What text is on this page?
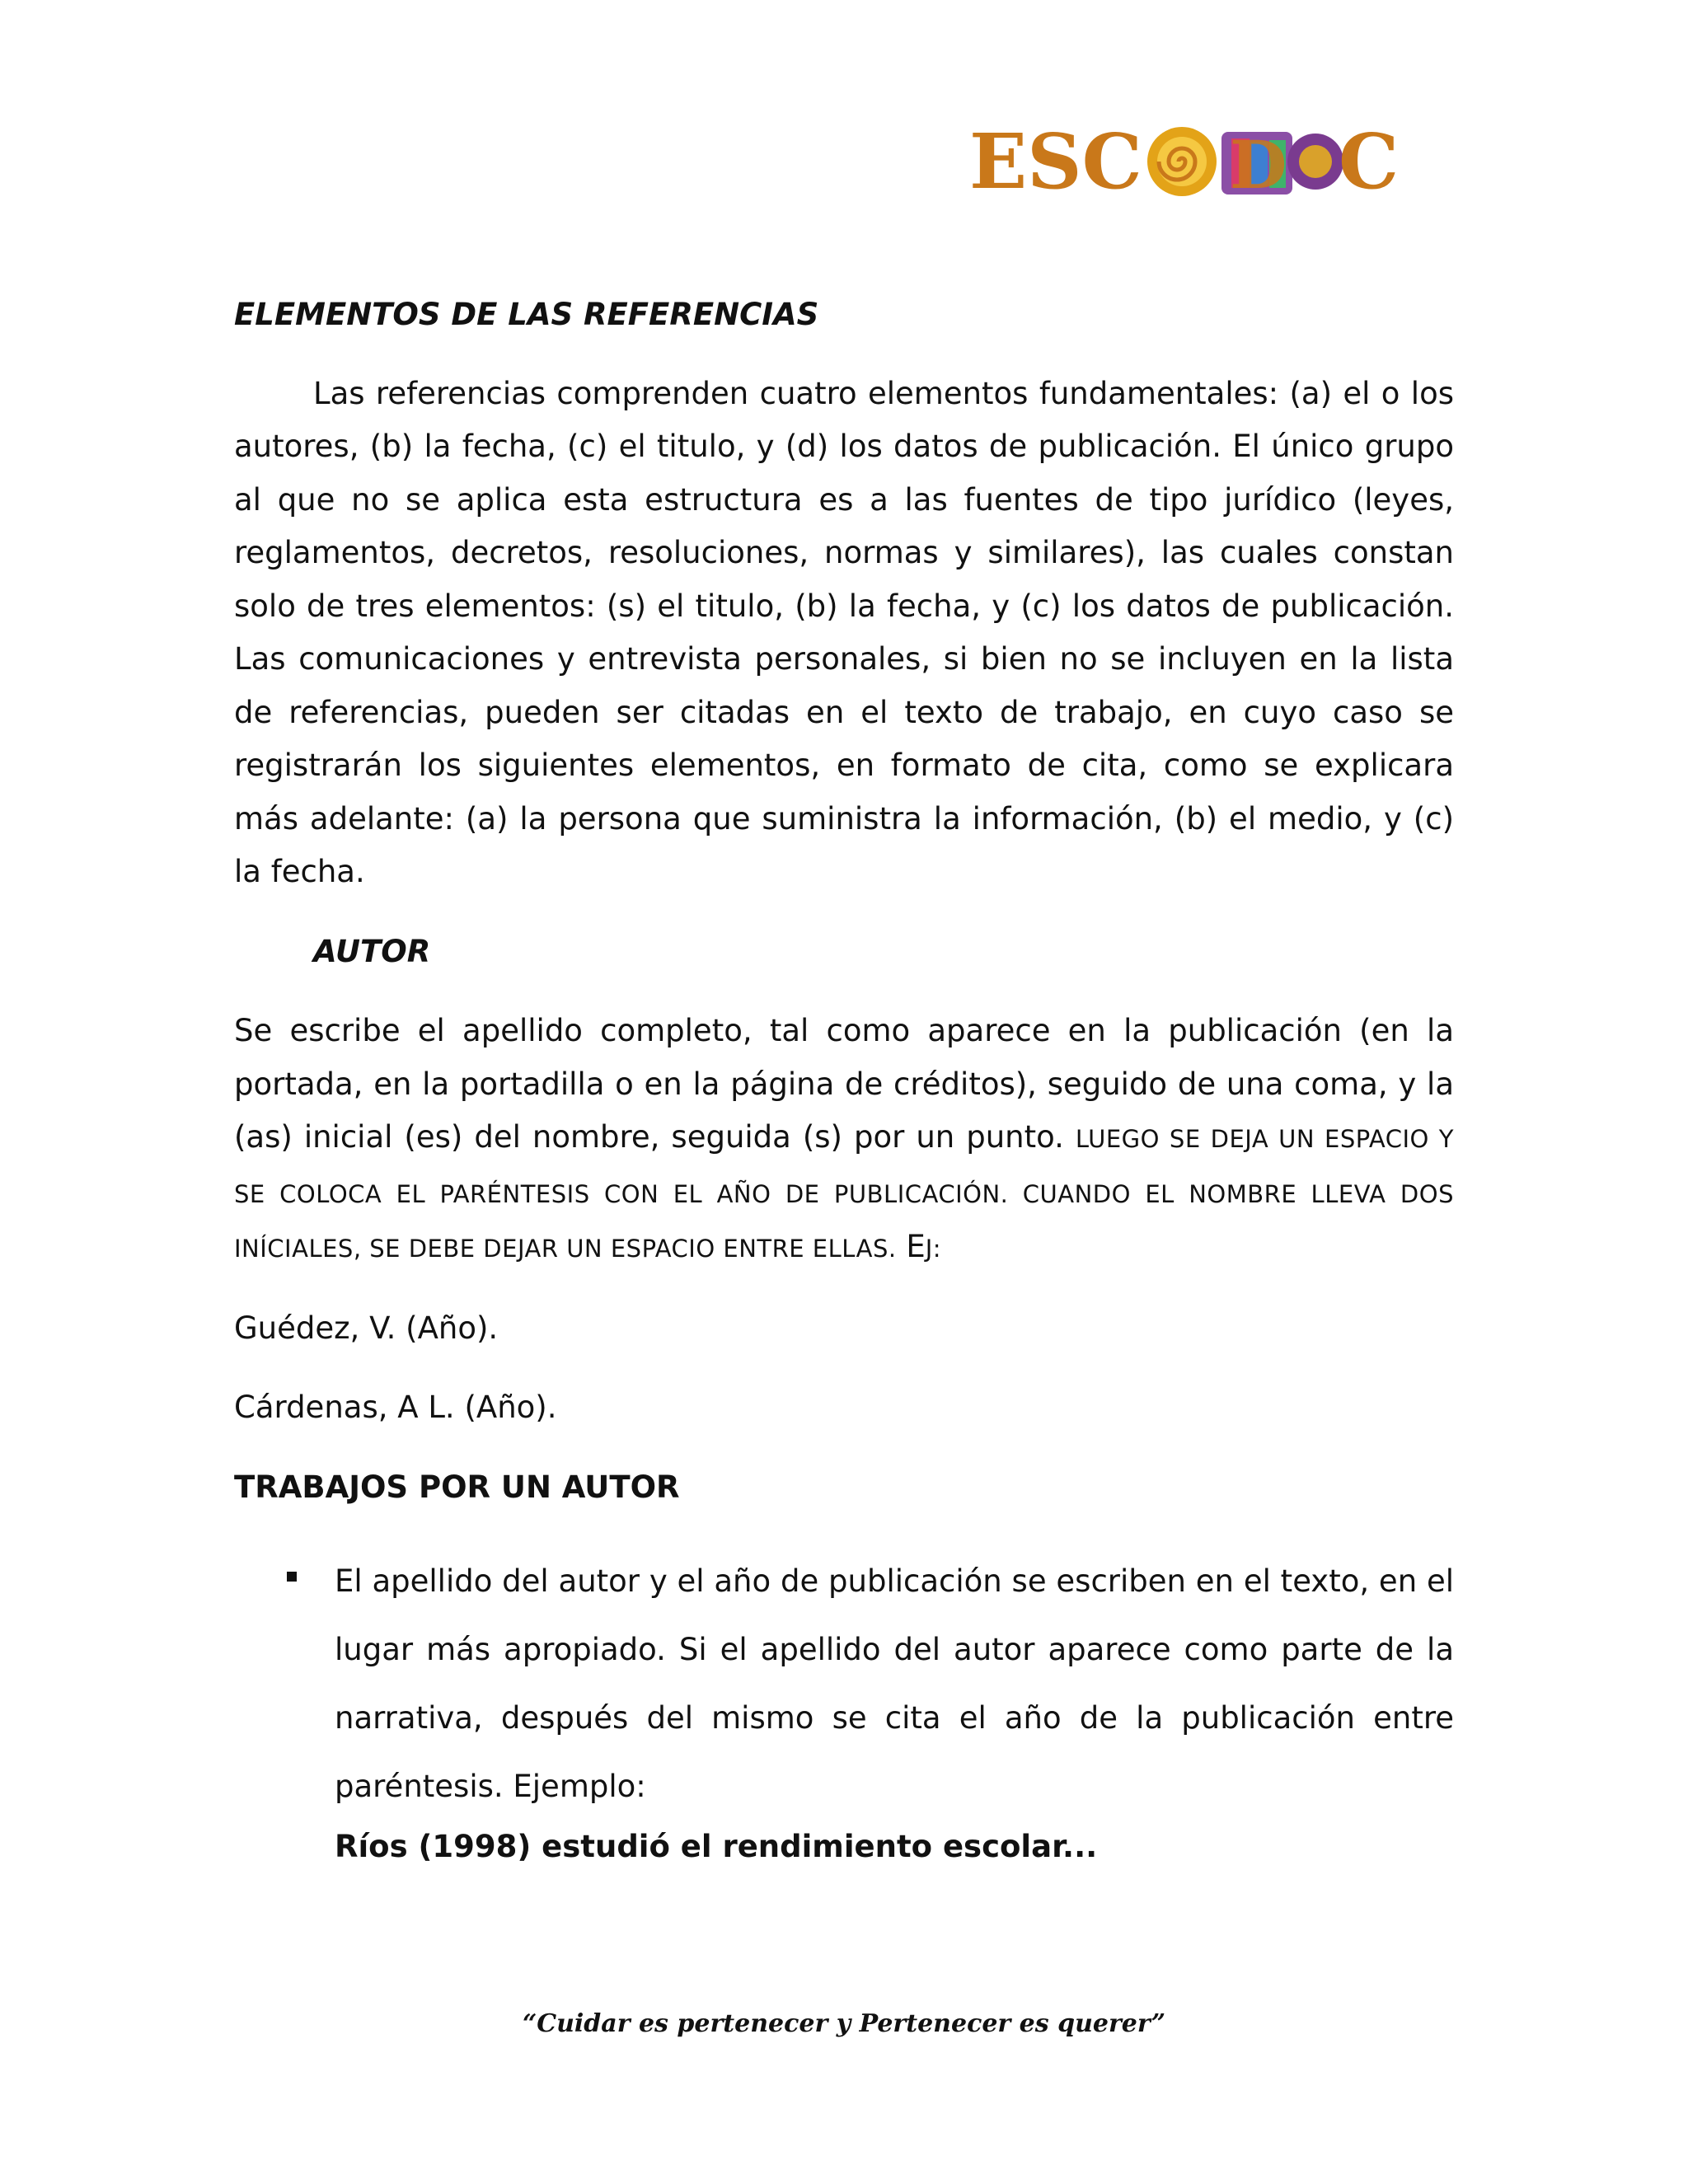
ESC D C

ELEMENTOS DE LAS REFERENCIAS

Las referencias comprenden cuatro elementos fundamentales: (a) el o los autores, (b) la fecha, (c) el titulo, y (d) los datos de publicación. El único grupo al que no se aplica esta estructura es a las fuentes de tipo jurídico (leyes, reglamentos, decretos, resoluciones, normas y similares), las cuales constan solo de tres elementos: (s) el titulo, (b) la fecha, y (c) los datos de publicación. Las comunicaciones y entrevista personales, si bien no se incluyen en la lista de referencias, pueden ser citadas en el texto de trabajo, en cuyo caso se registrarán los siguientes elementos, en formato de cita, como se explicara más adelante: (a) la persona que suministra la información, (b) el medio, y (c) la fecha.

AUTOR

Se escribe el apellido completo, tal como aparece en la publicación (en la portada, en la portadilla o en la página de créditos), seguido de una coma, y la (as) inicial (es) del nombre, seguida (s) por un punto. LUEGO SE DEJA UN ESPACIO Y SE COLOCA EL PARÉNTESIS CON EL AÑO DE PUBLICACIÓN. CUANDO EL NOMBRE LLEVA DOS INÍCIALES, SE DEBE DEJAR UN ESPACIO ENTRE ELLAS. EJ:

Guédez, V. (Año).

Cárdenas, A L. (Año).

TRABAJOS POR UN AUTOR

El apellido del autor y el año de publicación se escriben en el texto, en el lugar más apropiado. Si el apellido del autor aparece como parte de la narrativa, después del mismo se cita el año de la publicación entre paréntesis. Ejemplo:

Ríos (1998) estudió el rendimiento escolar...

“Cuidar es pertenecer y Pertenecer es querer”
